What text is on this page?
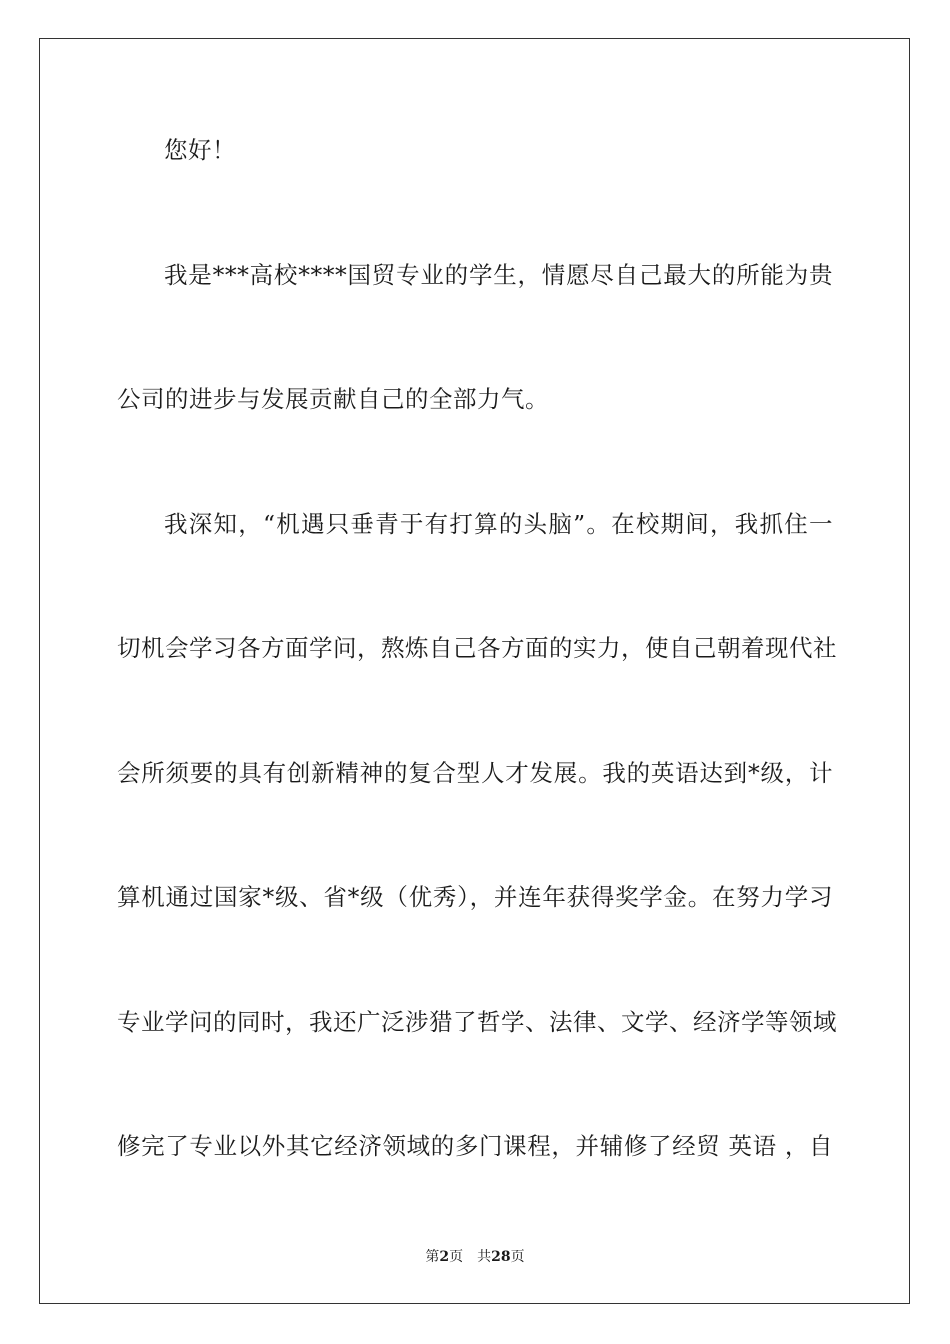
您好！
我是***高校****国贸专业的学生，情愿尽自己最大的所能为贵
公司的进步与发展贡献自己的全部力气。
我深知，“机遇只垂青于有打算的头脑”。在校期间，我抓住一
切机会学习各方面学问，熬炼自己各方面的实力，使自己朝着现代社
会所须要的具有创新精神的复合型人才发展。我的英语达到*级，计
算机通过国家*级、省*级（优秀），并连年获得奖学金。在努力学习
专业学问的同时，我还广泛涉猎了哲学、法律、文学、经济学等领域
修完了专业以外其它经济领域的多门课程，并辅修了经贸 英语 ，自
第2页 共28页
